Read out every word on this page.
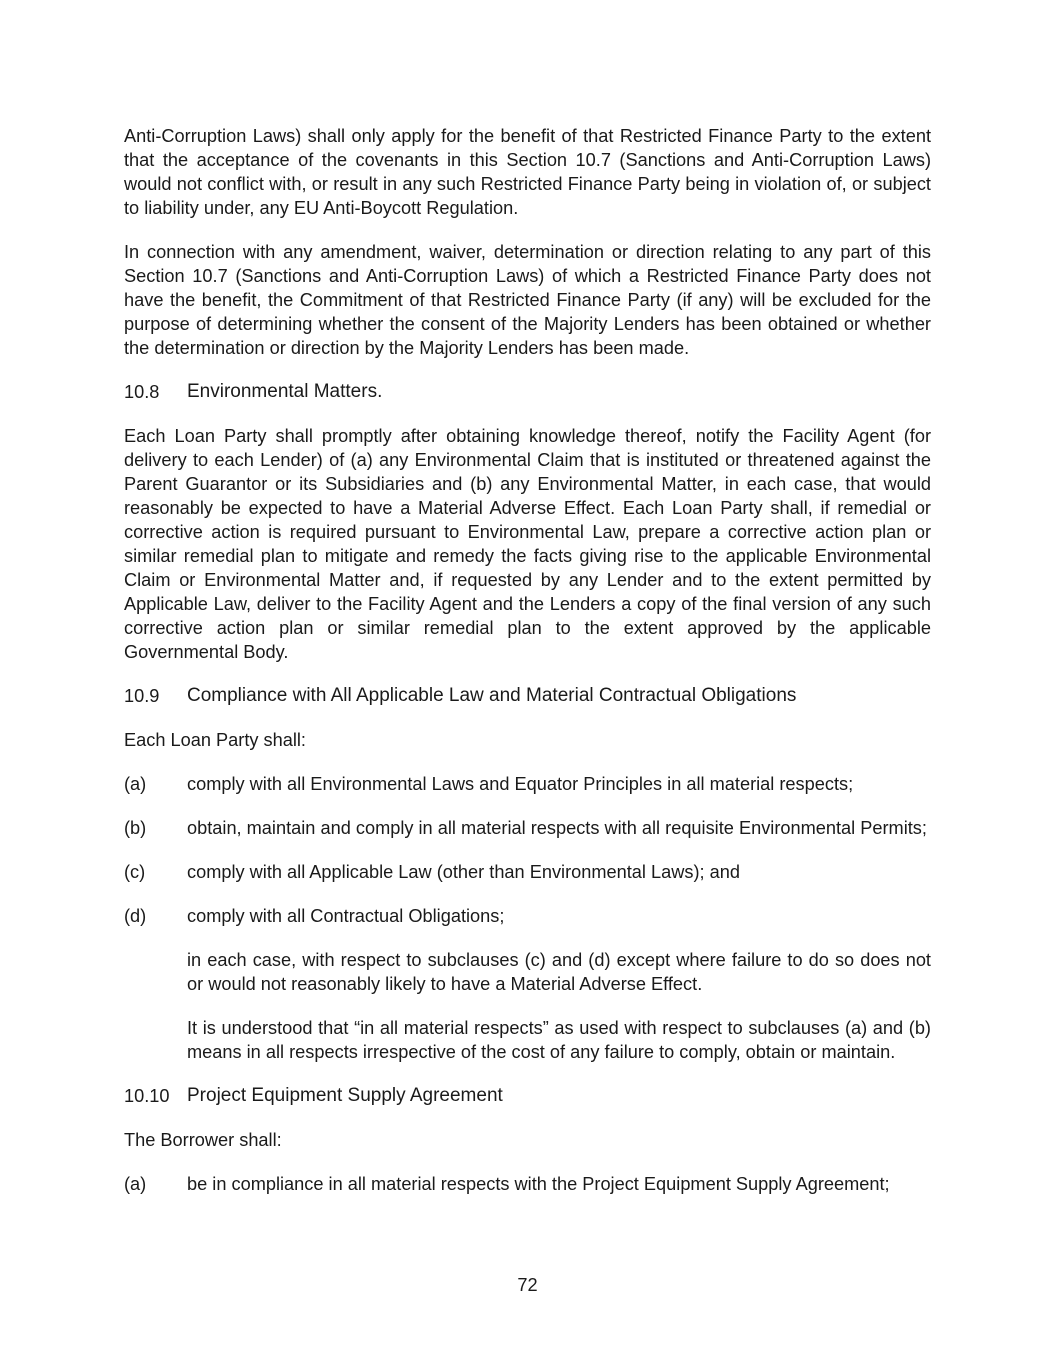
Anti-Corruption Laws) shall only apply for the benefit of that Restricted Finance Party to the extent that the acceptance of the covenants in this Section 10.7 (Sanctions and Anti-Corruption Laws) would not conflict with, or result in any such Restricted Finance Party being in violation of, or subject to liability under, any EU Anti-Boycott Regulation.

In connection with any amendment, waiver, determination or direction relating to any part of this Section 10.7 (Sanctions and Anti-Corruption Laws) of which a Restricted Finance Party does not have the benefit, the Commitment of that Restricted Finance Party (if any) will be excluded for the purpose of determining whether the consent of the Majority Lenders has been obtained or whether the determination or direction by the Majority Lenders has been made.

10.8	Environmental Matters.

Each Loan Party shall promptly after obtaining knowledge thereof, notify the Facility Agent (for delivery to each Lender) of (a) any Environmental Claim that is instituted or threatened against the Parent Guarantor or its Subsidiaries and (b) any Environmental Matter, in each case, that would reasonably be expected to have a Material Adverse Effect. Each Loan Party shall, if remedial or corrective action is required pursuant to Environmental Law, prepare a corrective action plan or similar remedial plan to mitigate and remedy the facts giving rise to the applicable Environmental Claim or Environmental Matter and, if requested by any Lender and to the extent permitted by Applicable Law, deliver to the Facility Agent and the Lenders a copy of the final version of any such corrective action plan or similar remedial plan to the extent approved by the applicable Governmental Body.

10.9	Compliance with All Applicable Law and Material Contractual Obligations

Each Loan Party shall:

(a)	comply with all Environmental Laws and Equator Principles in all material respects;
(b)	obtain, maintain and comply in all material respects with all requisite Environmental Permits;
(c)	comply with all Applicable Law (other than Environmental Laws); and
(d)	comply with all Contractual Obligations;

in each case, with respect to subclauses (c) and (d) except where failure to do so does not or would not reasonably likely to have a Material Adverse Effect.

It is understood that “in all material respects” as used with respect to subclauses (a) and (b) means in all respects irrespective of the cost of any failure to comply, obtain or maintain.

10.10 Project Equipment Supply Agreement

The Borrower shall:

(a)	be in compliance in all material respects with the Project Equipment Supply Agreement;
72
